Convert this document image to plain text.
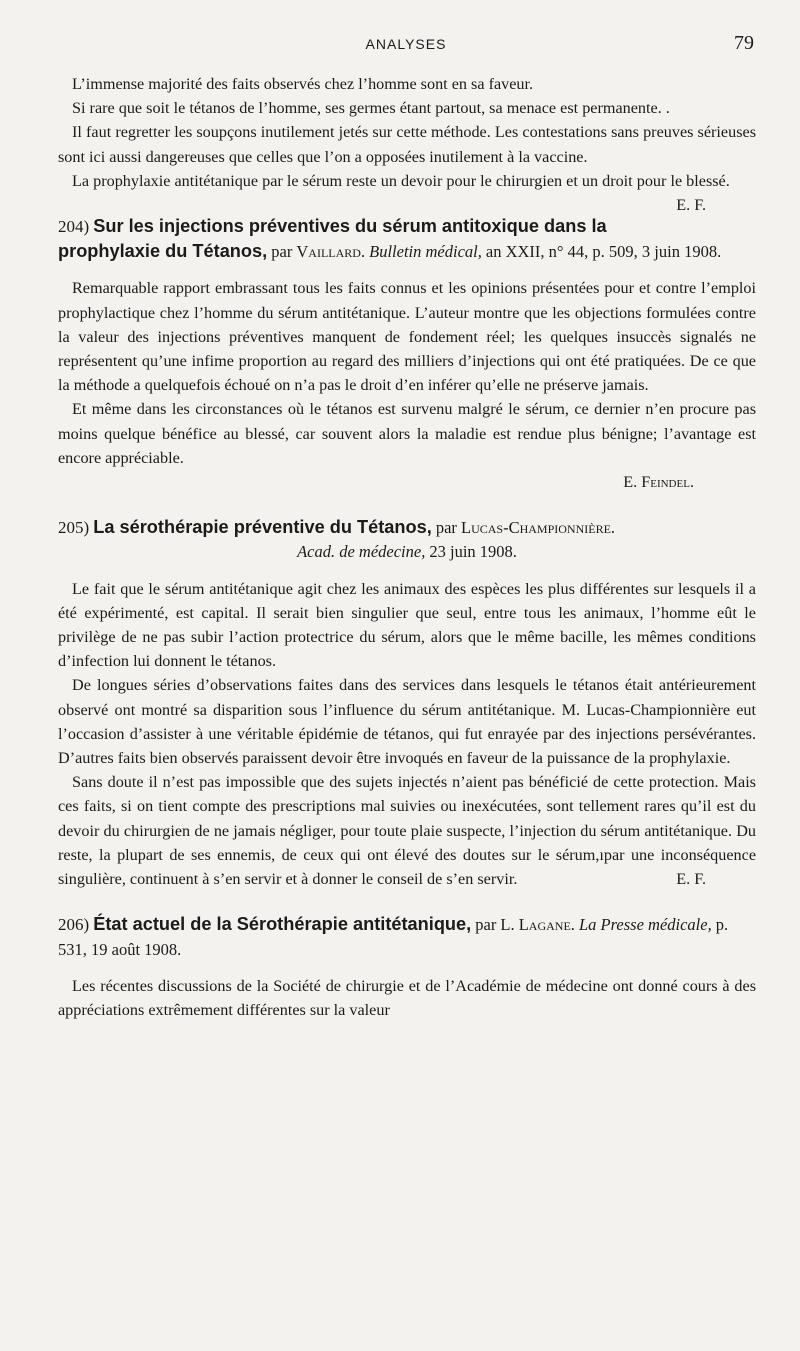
ANALYSES	79

L’immense majorité des faits observés chez l’homme sont en sa faveur.

Si rare que soit le tétanos de l’homme, ses germes étant partout, sa menace est permanente. .

Il faut regretter les soupçons inutilement jetés sur cette méthode. Les contestations sans preuves sérieuses sont ici aussi dangereuses que celles que l’on a opposées inutilement à la vaccine.

La prophylaxie antitétanique par le sérum reste un devoir pour le chirurgien et un droit pour le blessé.
E. F.

204) Sur les injections préventives du sérum antitoxique dans la prophylaxie du Tétanos, par Vaillard. Bulletin médical, an XXII, n° 44, p. 509, 3 juin 1908.

Remarquable rapport embrassant tous les faits connus et les opinions présentées pour et contre l’emploi prophylactique chez l’homme du sérum antitétanique. L’auteur montre que les objections formulées contre la valeur des injections préventives manquent de fondement réel; les quelques insuccès signalés ne représentent qu’une infime proportion au regard des milliers d’injections qui ont été pratiquées. De ce que la méthode a quelquefois échoué on n’a pas le droit d’en inférer qu’elle ne préserve jamais.

Et même dans les circonstances où le tétanos est survenu malgré le sérum, ce dernier n’en procure pas moins quelque bénéfice au blessé, car souvent alors la maladie est rendue plus bénigne; l’avantage est encore appréciable.

E. Feindel.

205) La sérothérapie préventive du Tétanos, par Lucas-Championnière.
Acad. de médecine, 23 juin 1908.

Le fait que le sérum antitétanique agit chez les animaux des espèces les plus différentes sur lesquels il a été expérimenté, est capital. Il serait bien singulier que seul, entre tous les animaux, l’homme eût le privilège de ne pas subir l’action protectrice du sérum, alors que le même bacille, les mêmes conditions d’infection lui donnent le tétanos.

De longues séries d’observations faites dans des services dans lesquels le tétanos était antérieurement observé ont montré sa disparition sous l’influence du sérum antitétanique. M. Lucas-Championnière eut l’occasion d’assister à une véritable épidémie de tétanos, qui fut enrayée par des injections persévérantes. D’autres faits bien observés paraissent devoir être invoqués en faveur de la puissance de la prophylaxie.

Sans doute il n’est pas impossible que des sujets injectés n’aient pas bénéficié de cette protection. Mais ces faits, si on tient compte des prescriptions mal suivies ou inexécutées, sont tellement rares qu’il est du devoir du chirurgien de ne jamais négliger, pour toute plaie suspecte, l’injection du sérum antitétanique. Du reste, la plupart de ses ennemis, de ceux qui ont élevé des doutes sur le sérum,ıpar une inconséquence singulière, continuent à s’en servir et à donner le conseil de s’en servir.	E. F.

206) État actuel de la Sérothérapie antitétanique, par L. Lagane. La Presse médicale, p. 531, 19 août 1908.

Les récentes discussions de la Société de chirurgie et de l’Académie de médecine ont donné cours à des appréciations extrêmement différentes sur la valeur
